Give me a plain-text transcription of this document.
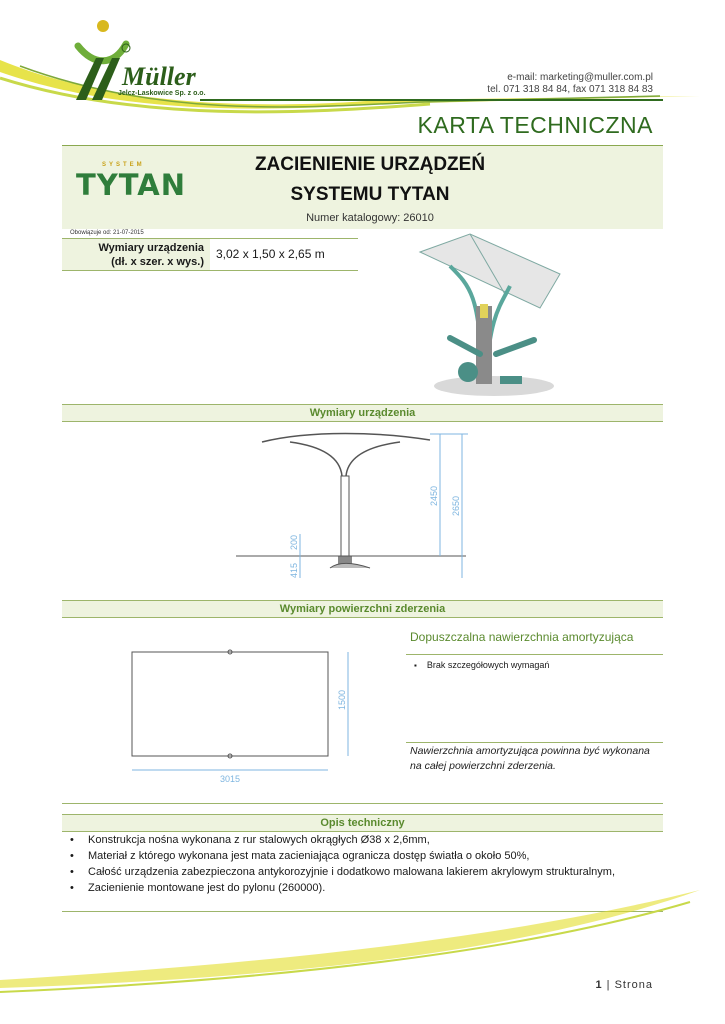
Müller
Jelcz-Laskowice Sp. z o.o.
e-mail: marketing@muller.com.pl
tel. 071 318 84 84, fax 071 318 84 83
KARTA TECHNICZNA
SYSTEM
TYTAN
ZACIENIENIE URZĄDZEŃ
SYSTEMU TYTAN
Numer katalogowy: 26010
Obowiązuje od: 21-07-2015
Wymiary urządzenia
(dł. x szer. x wys.)
3,02 x 1,50 x 2,65 m
Wymiary urządzenia
2450 2650
200
415
Wymiary powierzchni zderzenia
1500
3015
Dopuszczalna nawierzchnia amortyzująca
▪ Brak szczegółowych wymagań
Nawierzchnia amortyzująca powinna być wykonana na całej powierzchni zderzenia.
Opis techniczny
• Konstrukcja nośna wykonana z rur stalowych okrągłych Ø38 x 2,6mm,
• Materiał z którego wykonana jest mata zacieniająca ogranicza dostęp światła o około 50%,
• Całość urządzenia zabezpieczona antykorozyjnie i dodatkowo malowana lakierem akrylowym strukturalnym,
• Zacienienie montowane jest do pylonu (260000).
1 | Strona
